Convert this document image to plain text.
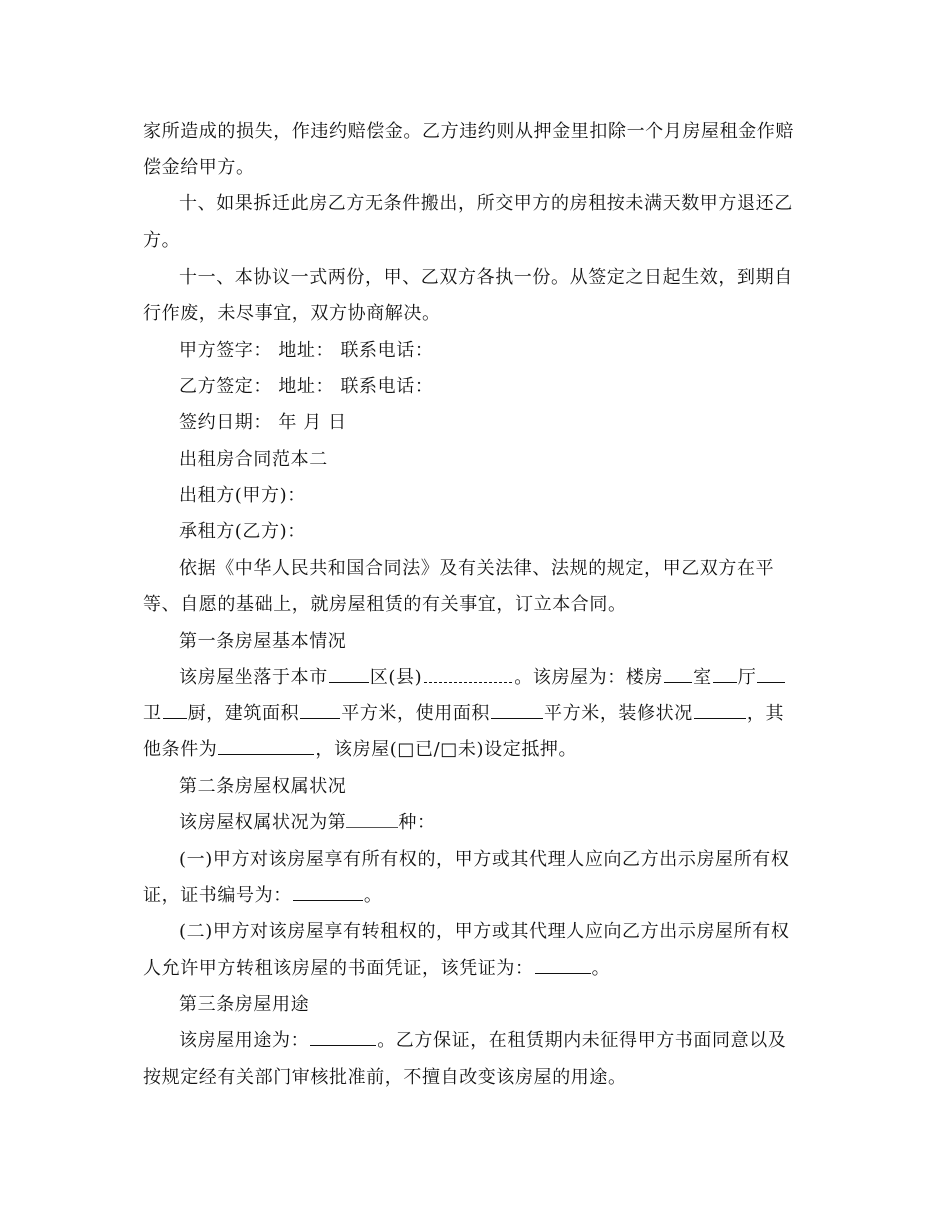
家所造成的损失，作违约赔偿金。乙方违约则从押金里扣除一个月房屋租金作赔
偿金给甲方。
十、如果拆迁此房乙方无条件搬出，所交甲方的房租按未满天数甲方退还乙
方。
十一、本协议一式两份，甲、乙双方各执一份。从签定之日起生效，到期自
行作废，未尽事宜，双方协商解决。
甲方签字： 地址： 联系电话：
乙方签定： 地址： 联系电话：
签约日期： 年 月 日
出租房合同范本二
出租方(甲方)：
承租方(乙方)：
依据《中华人民共和国合同法》及有关法律、法规的规定，甲乙双方在平
等、自愿的基础上，就房屋租赁的有关事宜，订立本合同。
第一条房屋基本情况
该房屋坐落于本市 区(县)	。该房屋为：楼房 室 厅
卫 厨，建筑面积 平方米，使用面积	平方米，装修状况	，其
他条件为	，该房屋(□已/□未)设定抵押。
第二条房屋权属状况
该房屋权属状况为第	种：
(一)甲方对该房屋享有所有权的，甲方或其代理人应向乙方出示房屋所有权
证，证书编号为：	。
(二)甲方对该房屋享有转租权的，甲方或其代理人应向乙方出示房屋所有权
人允许甲方转租该房屋的书面凭证，该凭证为：	。
第三条房屋用途
该房屋用途为：	。乙方保证，在租赁期内未征得甲方书面同意以及
按规定经有关部门审核批准前，不擅自改变该房屋的用途。
